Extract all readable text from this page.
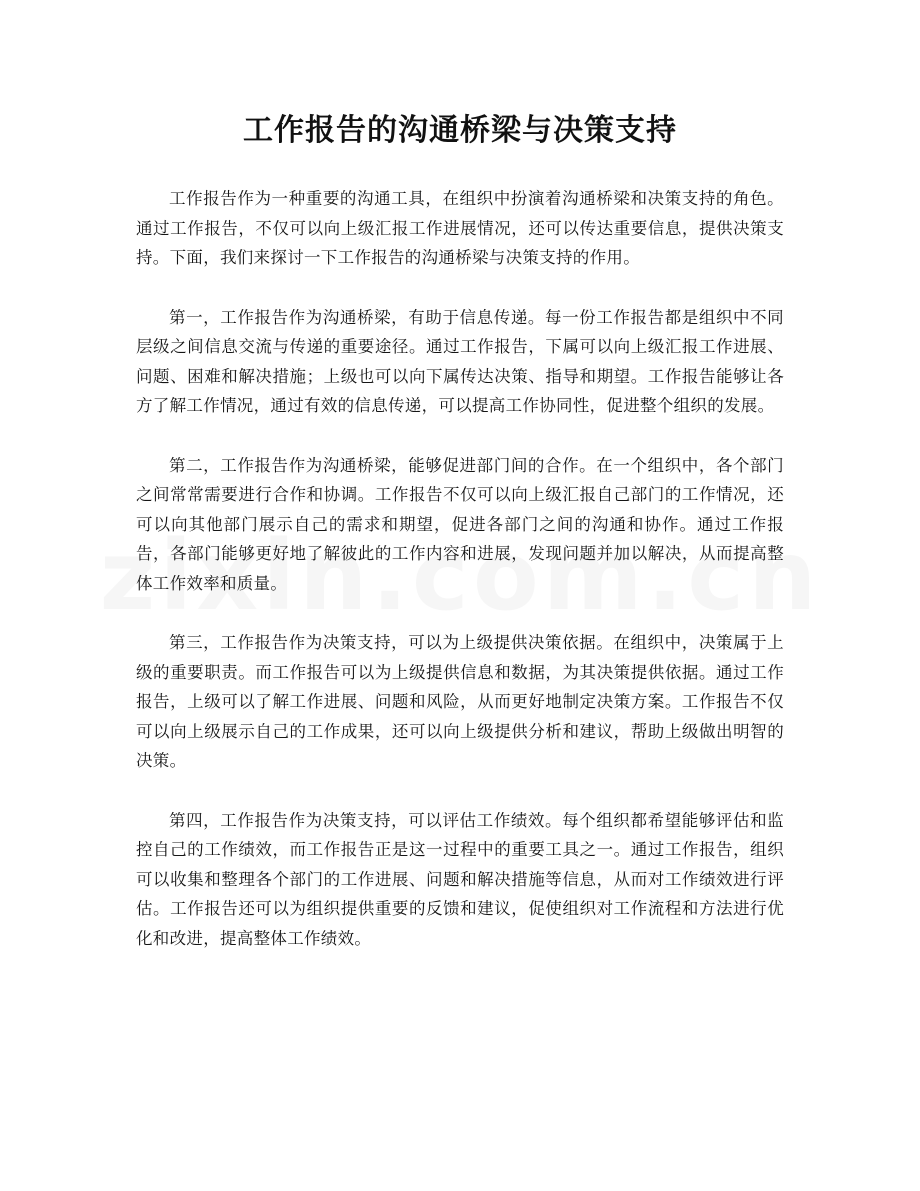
工作报告的沟通桥梁与决策支持

工作报告作为一种重要的沟通工具，在组织中扮演着沟通桥梁和决策支持的角色。通过工作报告，不仅可以向上级汇报工作进展情况，还可以传达重要信息，提供决策支持。下面，我们来探讨一下工作报告的沟通桥梁与决策支持的作用。

第一，工作报告作为沟通桥梁，有助于信息传递。每一份工作报告都是组织中不同层级之间信息交流与传递的重要途径。通过工作报告，下属可以向上级汇报工作进展、问题、困难和解决措施；上级也可以向下属传达决策、指导和期望。工作报告能够让各方了解工作情况，通过有效的信息传递，可以提高工作协同性，促进整个组织的发展。

第二，工作报告作为沟通桥梁，能够促进部门间的合作。在一个组织中，各个部门之间常常需要进行合作和协调。工作报告不仅可以向上级汇报自己部门的工作情况，还可以向其他部门展示自己的需求和期望，促进各部门之间的沟通和协作。通过工作报告，各部门能够更好地了解彼此的工作内容和进展，发现问题并加以解决，从而提高整体工作效率和质量。

第三，工作报告作为决策支持，可以为上级提供决策依据。在组织中，决策属于上级的重要职责。而工作报告可以为上级提供信息和数据，为其决策提供依据。通过工作报告，上级可以了解工作进展、问题和风险，从而更好地制定决策方案。工作报告不仅可以向上级展示自己的工作成果，还可以向上级提供分析和建议，帮助上级做出明智的决策。

第四，工作报告作为决策支持，可以评估工作绩效。每个组织都希望能够评估和监控自己的工作绩效，而工作报告正是这一过程中的重要工具之一。通过工作报告，组织可以收集和整理各个部门的工作进展、问题和解决措施等信息，从而对工作绩效进行评估。工作报告还可以为组织提供重要的反馈和建议，促使组织对工作流程和方法进行优化和改进，提高整体工作绩效。
